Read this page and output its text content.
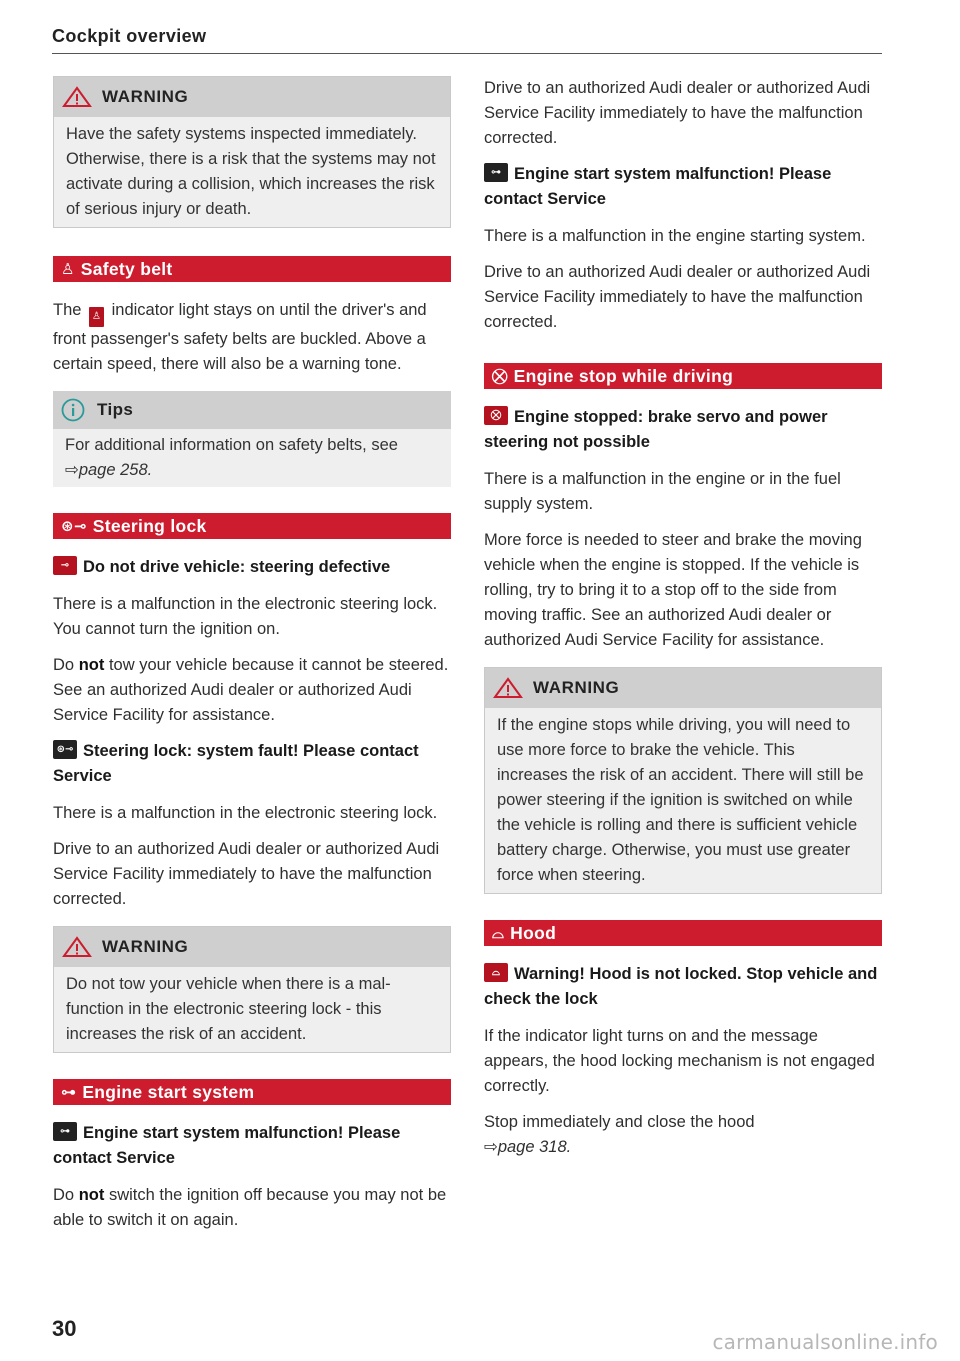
Cockpit overview
WARNING

Have the safety systems inspected immediately. Otherwise, there is a risk that the systems may not activate during a collision, which increases the risk of serious injury or death.

♙ Safety belt

The ♙ indicator light stays on until the driver's and front passenger's safety belts are buckled. Above a certain speed, there will also be a warning tone.

Tips

For additional information on safety belts, see ⇨page 258.

⊛⊸ Steering lock
⊸ Do not drive vehicle: steering defective

There is a malfunction in the electronic steering lock. You cannot turn the ignition on.

Do not tow your vehicle because it cannot be steered. See an authorized Audi dealer or authorized Audi Service Facility for assistance.

⊛⊸ Steering lock: system fault! Please contact Service

There is a malfunction in the electronic steering lock.

Drive to an authorized Audi dealer or authorized Audi Service Facility immediately to have the malfunction corrected.

WARNING

Do not tow your vehicle when there is a malfunction in the electronic steering lock - this increases the risk of an accident.

⊶ Engine start system
⊶ Engine start system malfunction! Please contact Service

Do not switch the ignition off because you may not be able to switch it on again.

Drive to an authorized Audi dealer or authorized Audi Service Facility immediately to have the malfunction corrected.

⊶ Engine start system malfunction! Please contact Service

There is a malfunction in the engine starting system.

Drive to an authorized Audi dealer or authorized Audi Service Facility immediately to have the malfunction corrected.

⛒ Engine stop while driving
⛒ Engine stopped: brake servo and power steering not possible

There is a malfunction in the engine or in the fuel supply system.

More force is needed to steer and brake the moving vehicle when the engine is stopped. If the vehicle is rolling, try to bring it to a stop off to the side from moving traffic. See an authorized Audi dealer or authorized Audi Service Facility for assistance.

WARNING

If the engine stops while driving, you will need to use more force to brake the vehicle. This increases the risk of an accident. There will still be power steering if the ignition is switched on while the vehicle is rolling and there is sufficient vehicle battery charge. Otherwise, you must use greater force when steering.

⌓ Hood
⌓ Warning! Hood is not locked. Stop vehicle and check the lock

If the indicator light turns on and the message appears, the hood locking mechanism is not engaged correctly.

Stop immediately and close the hood
⇨page 318.

30
carmanualsonline.info
